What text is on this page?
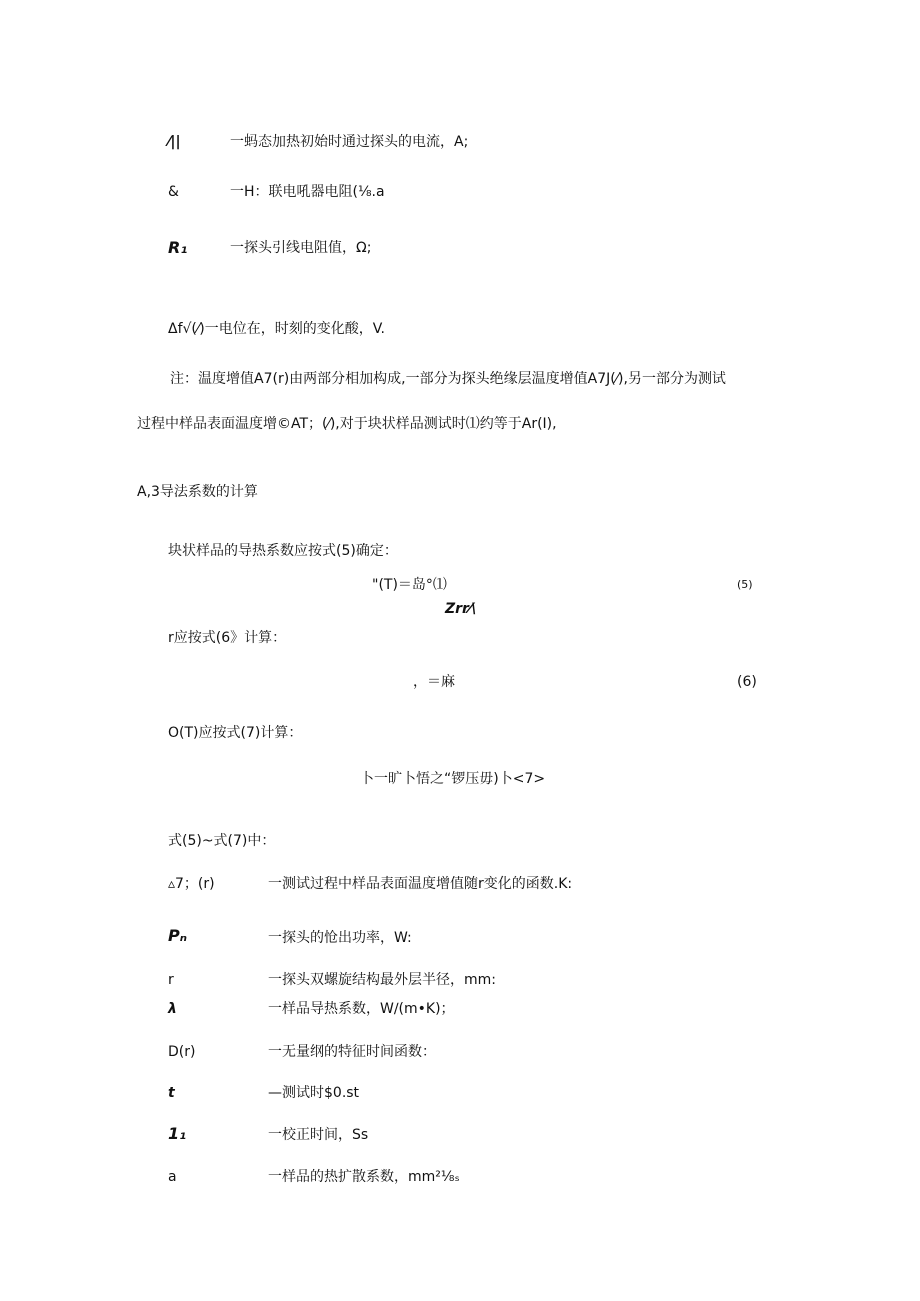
⁄||	一蚂态加热初始时通过探头的电流，A;
&	一H：联电吼器电阻(⅛.a
R₁	一探头引线电阻值，Ω;
Δf√(⁄)一电位在，时刻的变化酸，V.
注：温度增值A7(r)由两部分相加构成,一部分为探头绝缘层温度增值A7J(⁄),另一部分为测试
过程中样品表面温度增©AT；(⁄),对于块状样品测试时⑴约等于Ar(I),
A,3导法系数的计算
块状样品的导热系数应按式(5)确定：
"(T)＝岛°⑴	(5)
Zrr⁄\
r应按式(6》计算：
，＝麻	(6)
O(T)应按式(7)计算：
卜一旷卜悟之“锣压毋)卜<7>
式(5)~式(7)中：
▵7；(r)	一测试过程中样品表面温度增值随r变化的函数.K:
Pₙ	一探头的怆出功率，W:
r	一探头双螺旋结构最外层半径，mm:
λ	一样品导热系数，W∕(m•K)；
D(r)	一无量纲的特征时间函数：
t	—测试时$0.st
1₁	一校正时间，Ss
a	一样品的热扩散系数，mm²⅛ₛ
